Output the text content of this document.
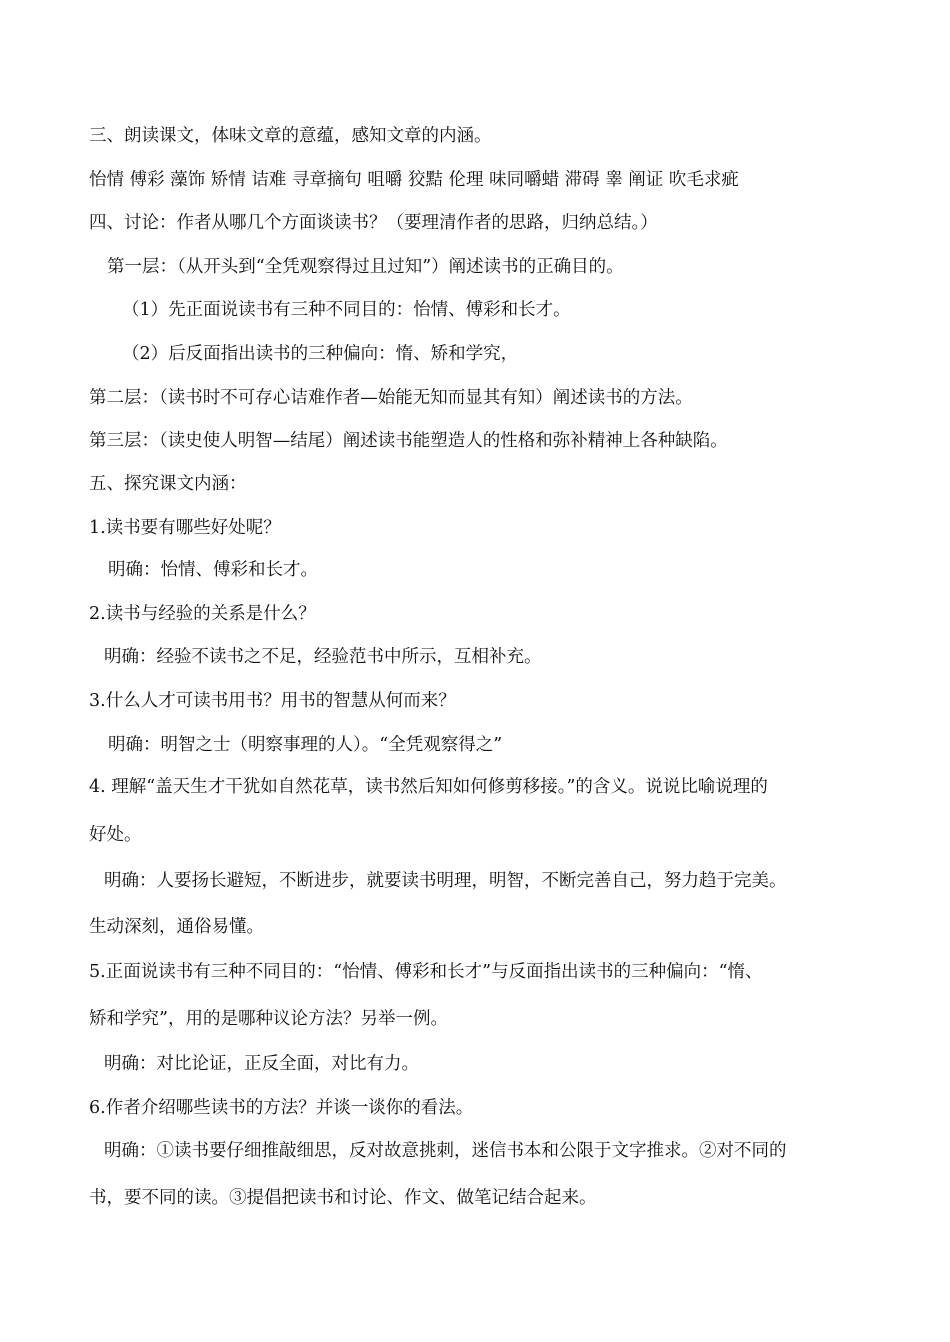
三、朗读课文，体味文章的意蕴，感知文章的内涵。
怡情 傅彩 藻饰 矫情 诘难 寻章摘句 咀嚼 狡黠 伦理 味同嚼蜡 滞碍 睾 阐证 吹毛求疵
四、讨论：作者从哪几个方面谈读书？（要理清作者的思路，归纳总结。）
第一层：（从开头到“全凭观察得过且过知”）阐述读书的正确目的。
（1）先正面说读书有三种不同目的：怡情、傅彩和长才。
（2）后反面指出读书的三种偏向：惰、矫和学究，
第二层：（读书时不可存心诘难作者—始能无知而显其有知）阐述读书的方法。
第三层：（读史使人明智—结尾）阐述读书能塑造人的性格和弥补精神上各种缺陷。
五、探究课文内涵：
1.读书要有哪些好处呢？
明确：怡情、傅彩和长才。
2.读书与经验的关系是什么？
明确：经验不读书之不足，经验范书中所示，互相补充。
3.什么人才可读书用书？用书的智慧从何而来？
明确：明智之士（明察事理的人）。“全凭观察得之”
4. 理解“盖天生才干犹如自然花草，读书然后知如何修剪移接。”的含义。说说比喻说理的
好处。
明确：人要扬长避短，不断进步，就要读书明理，明智，不断完善自己，努力趋于完美。
生动深刻，通俗易懂。
5.正面说读书有三种不同目的：“怡情、傅彩和长才”与反面指出读书的三种偏向：“惰、
矫和学究”，用的是哪种议论方法？另举一例。
明确：对比论证，正反全面，对比有力。
6.作者介绍哪些读书的方法？并谈一谈你的看法。
明确：①读书要仔细推敲细思，反对故意挑刺，迷信书本和公限于文字推求。②对不同的
书，要不同的读。③提倡把读书和讨论、作文、做笔记结合起来。
